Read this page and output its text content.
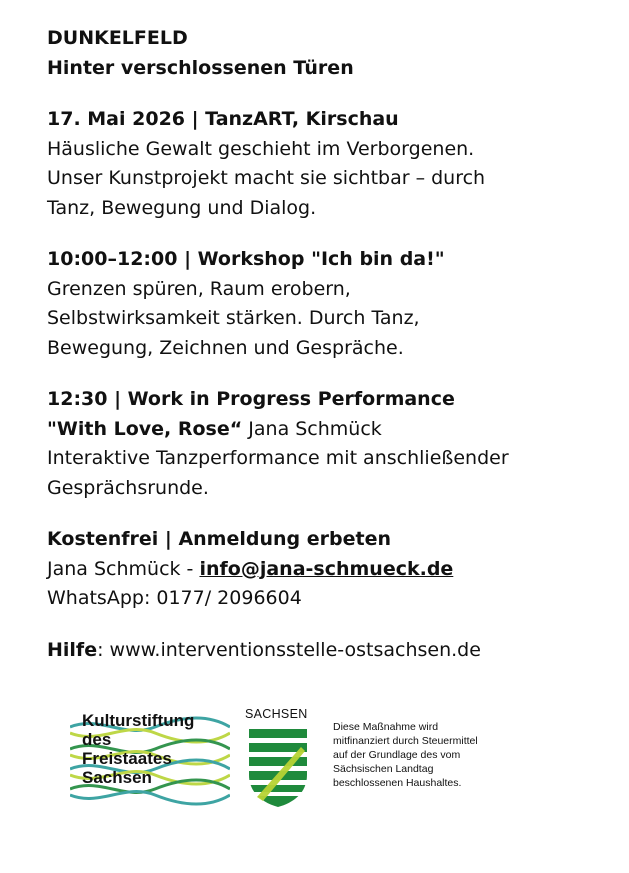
DUNKELFELD
Hinter verschlossenen Türen
17. Mai 2026 | TanzART, Kirschau
Häusliche Gewalt geschieht im Verborgenen.
Unser Kunstprojekt macht sie sichtbar – durch
Tanz, Bewegung und Dialog.
10:00–12:00 | Workshop "Ich bin da!"
Grenzen spüren, Raum erobern,
Selbstwirksamkeit stärken. Durch Tanz,
Bewegung, Zeichnen und Gespräche.
12:30 | Work in Progress Performance
"With Love, Rose“ Jana Schmück
Interaktive Tanzperformance mit anschließender
Gesprächsrunde.
Kostenfrei | Anmeldung erbeten
Jana Schmück - info@jana-schmueck.de
WhatsApp: 0177/ 2096604
Hilfe: www.interventionsstelle-ostsachsen.de
Kulturstiftung
des
Freistaates
Sachsen
SACHSEN
Diese Maßnahme wird
mitfinanziert durch Steuermittel
auf der Grundlage des vom
Sächsischen Landtag
beschlossenen Haushaltes.
